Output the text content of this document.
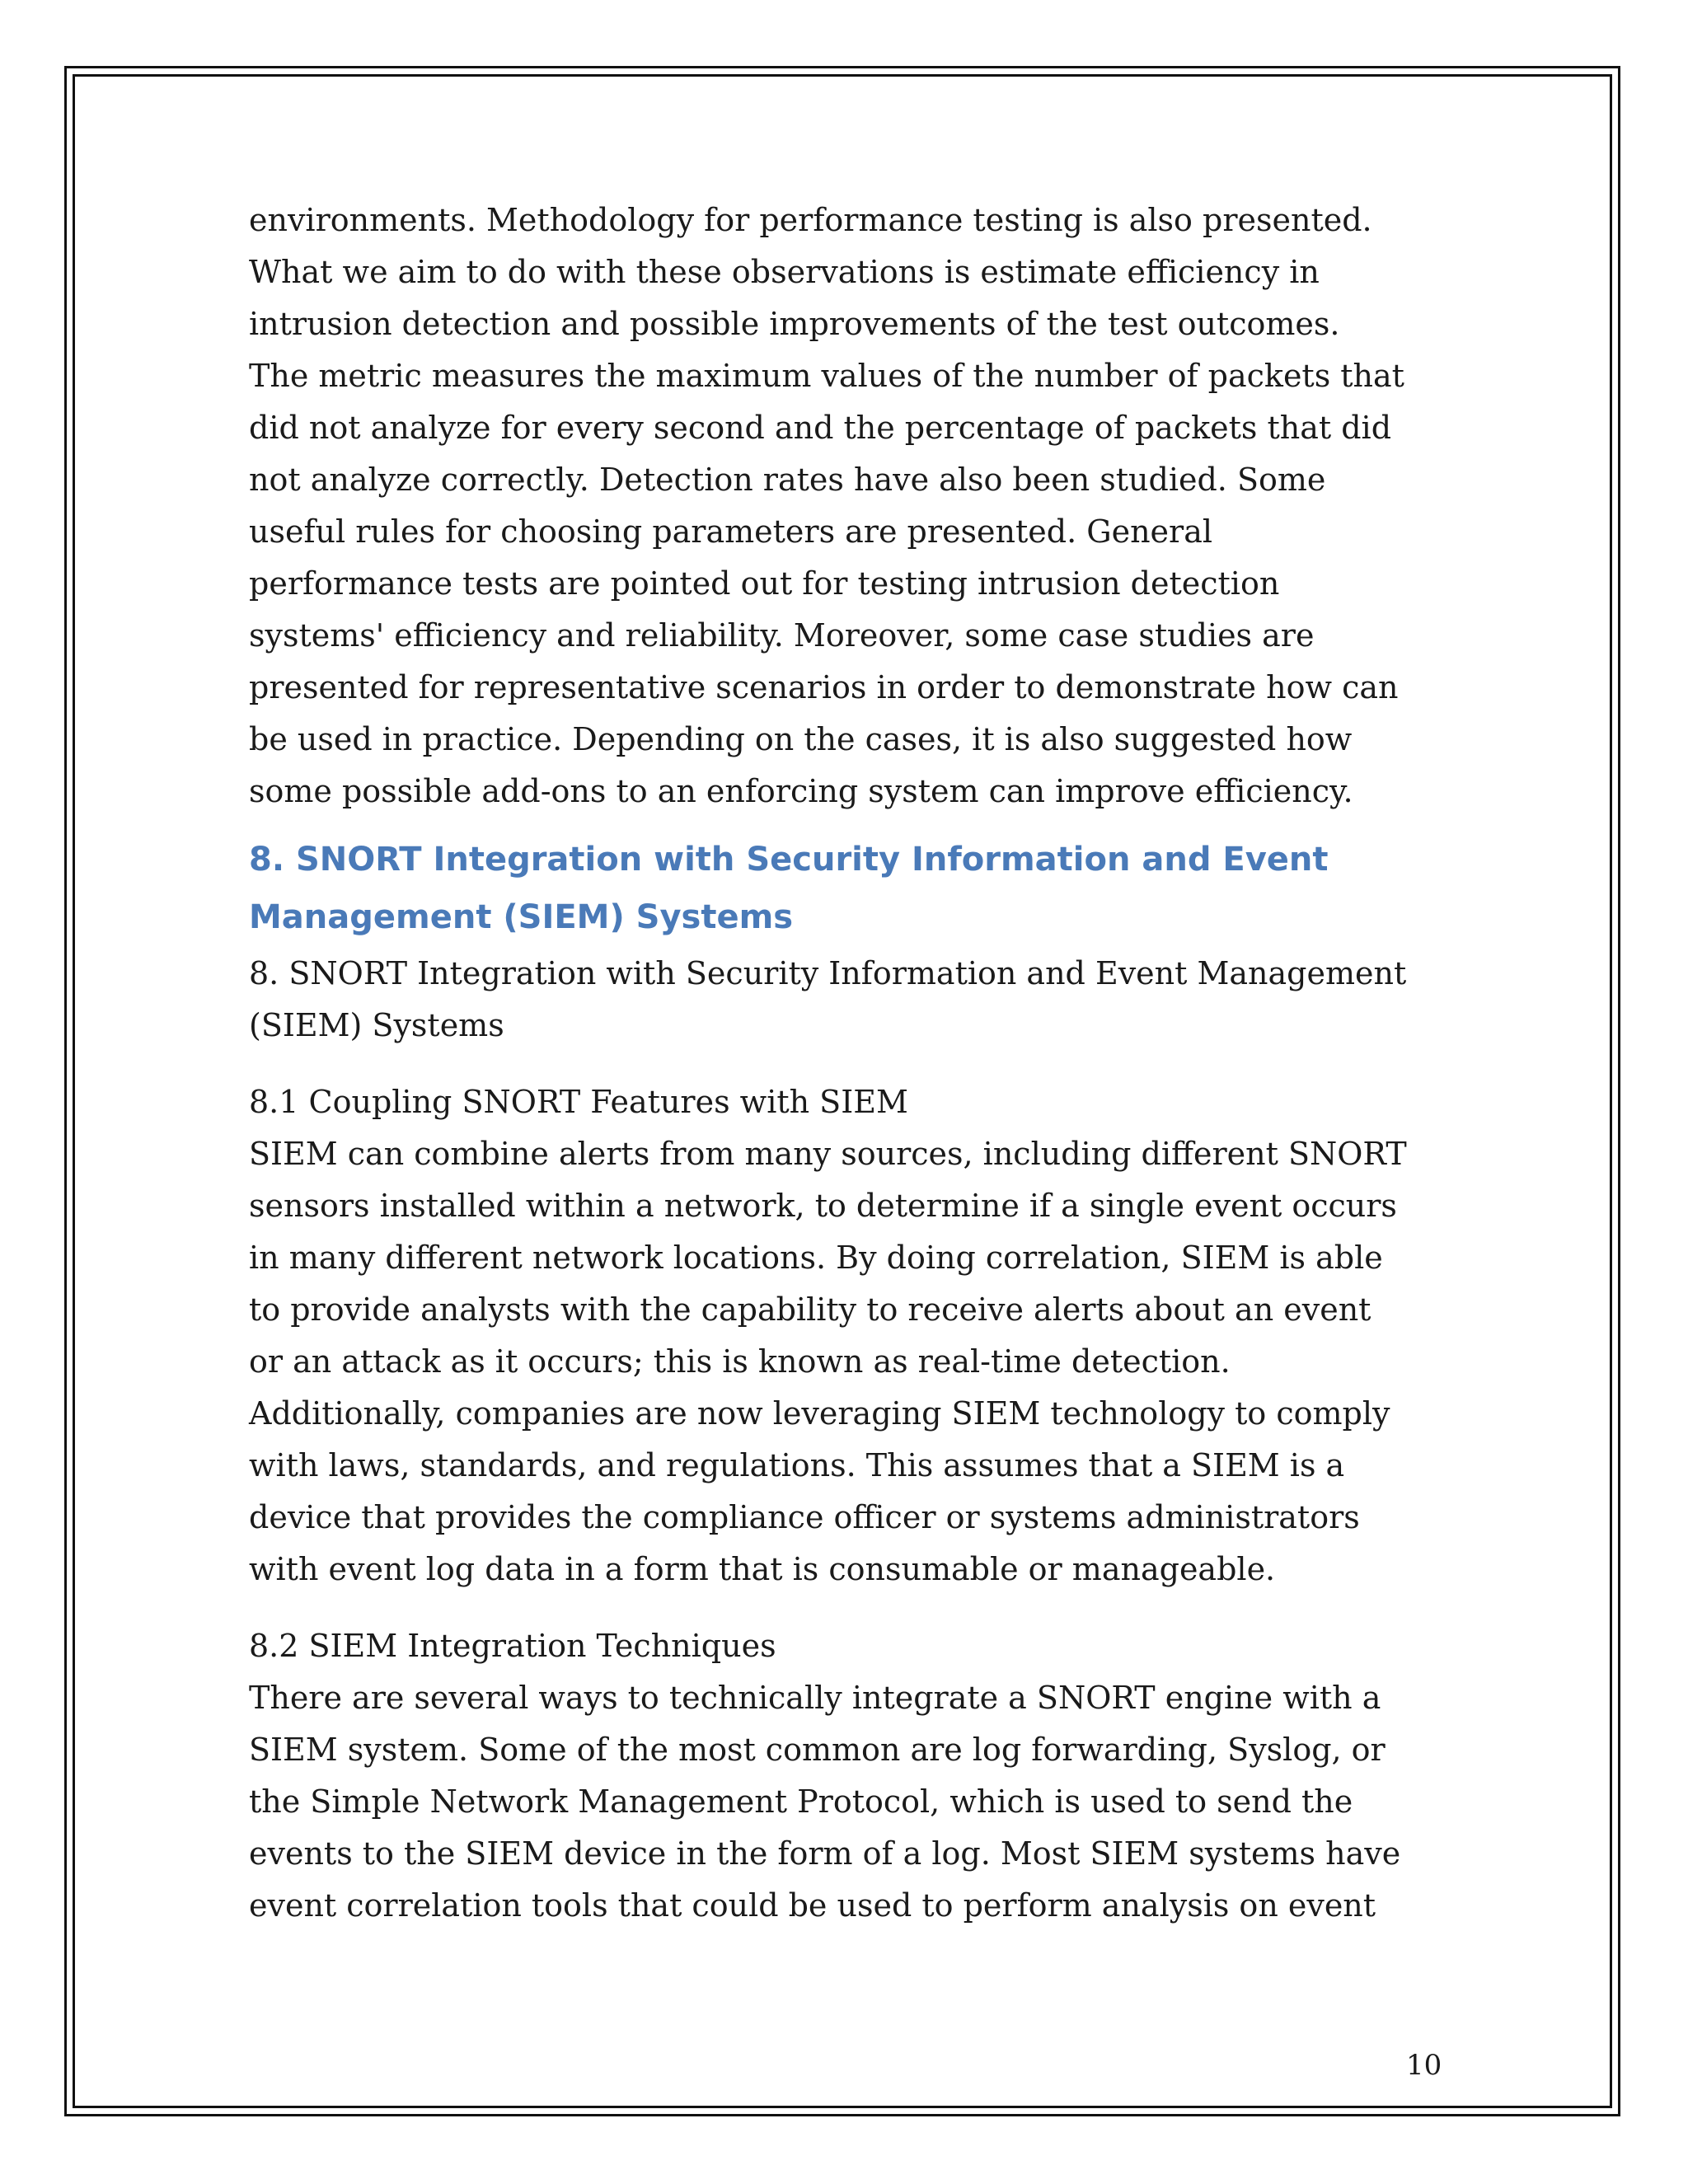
environments. Methodology for performance testing is also presented.
What we aim to do with these observations is estimate efficiency in
intrusion detection and possible improvements of the test outcomes.
The metric measures the maximum values of the number of packets that
did not analyze for every second and the percentage of packets that did
not analyze correctly. Detection rates have also been studied. Some
useful rules for choosing parameters are presented. General
performance tests are pointed out for testing intrusion detection
systems' efficiency and reliability. Moreover, some case studies are
presented for representative scenarios in order to demonstrate how can
be used in practice. Depending on the cases, it is also suggested how
some possible add-ons to an enforcing system can improve efficiency.

8. SNORT Integration with Security Information and Event
Management (SIEM) Systems

8. SNORT Integration with Security Information and Event Management
(SIEM) Systems

8.1 Coupling SNORT Features with SIEM
SIEM can combine alerts from many sources, including different SNORT
sensors installed within a network, to determine if a single event occurs
in many different network locations. By doing correlation, SIEM is able
to provide analysts with the capability to receive alerts about an event
or an attack as it occurs; this is known as real-time detection.
Additionally, companies are now leveraging SIEM technology to comply
with laws, standards, and regulations. This assumes that a SIEM is a
device that provides the compliance officer or systems administrators
with event log data in a form that is consumable or manageable.

8.2 SIEM Integration Techniques
There are several ways to technically integrate a SNORT engine with a
SIEM system. Some of the most common are log forwarding, Syslog, or
the Simple Network Management Protocol, which is used to send the
events to the SIEM device in the form of a log. Most SIEM systems have
event correlation tools that could be used to perform analysis on event

10
